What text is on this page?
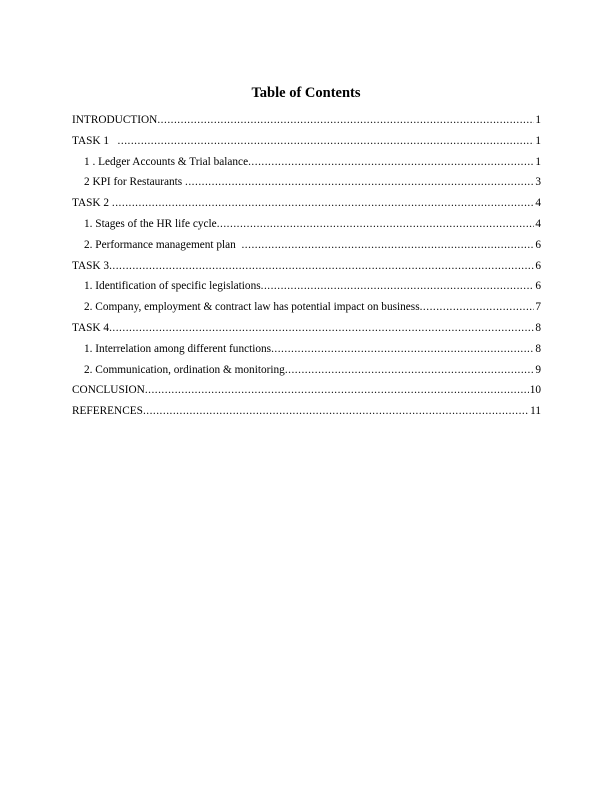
Table of Contents
INTRODUCTION .....	1
TASK 1 .....	1
1 . Ledger Accounts & Trial balance .....	1
2 KPI for Restaurants .....	3
TASK 2 .....	4
1. Stages of the HR life cycle .....	4
2. Performance management plan .....	6
TASK 3 .....	6
1. Identification of specific legislations .....	6
2. Company, employment & contract law has potential impact on business .....	7
TASK 4 .....	8
1. Interrelation among different functions .....	8
2. Communication, ordination & monitoring .....	9
CONCLUSION .....	10
REFERENCES .....	11
